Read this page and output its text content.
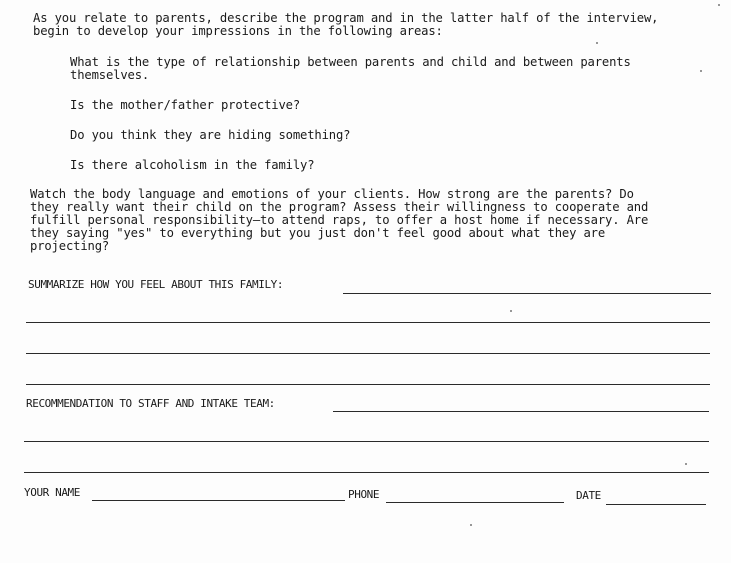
As you relate to parents, describe the program and in the latter half of the interview,
begin to develop your impressions in the following areas:
What is the type of relationship between parents and child and between parents
themselves.
Is the mother/father protective?
Do you think they are hiding something?
Is there alcoholism in the family?
Watch the body language and emotions of your clients. How strong are the parents? Do
they really want their child on the program? Assess their willingness to cooperate and
fulfill personal responsibility—to attend raps, to offer a host home if necessary. Are
they saying "yes" to everything but you just don't feel good about what they are
projecting?
SUMMARIZE HOW YOU FEEL ABOUT THIS FAMILY:
RECOMMENDATION TO STAFF AND INTAKE TEAM:
YOUR NAME	PHONE	DATE
